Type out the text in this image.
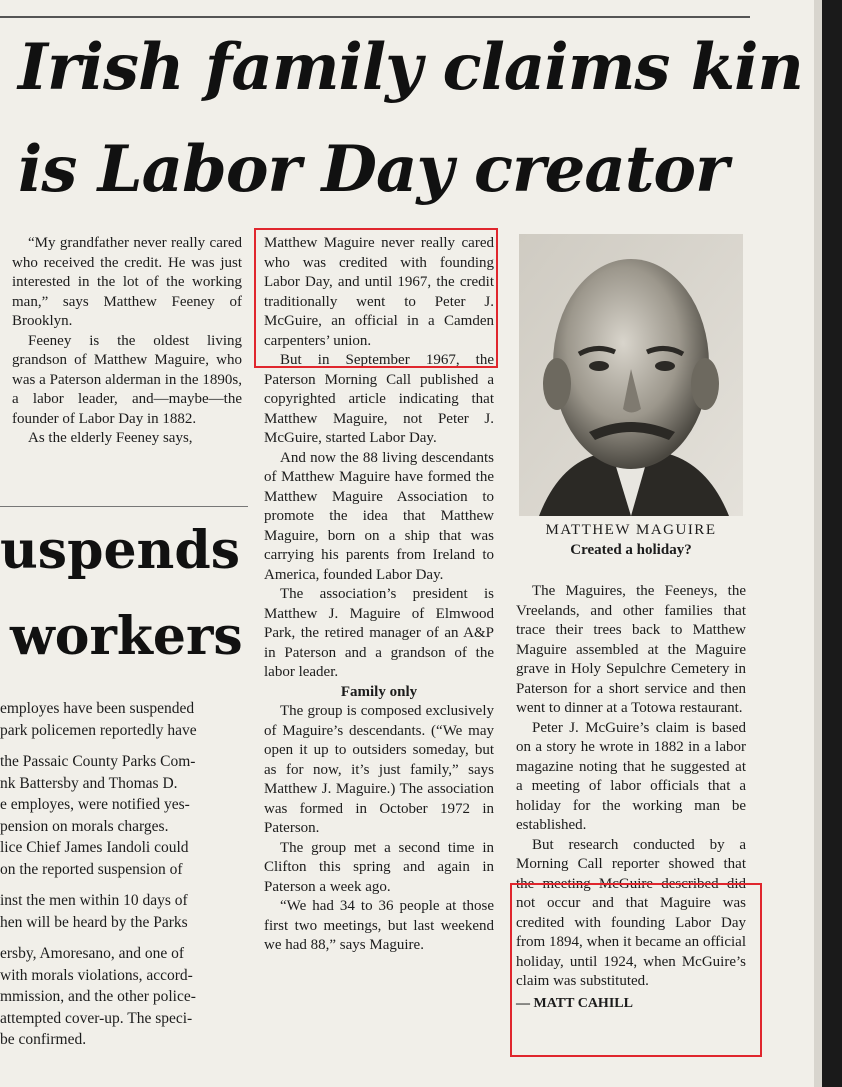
Irish family claims kin
is Labor Day creator

“My grandfather never really cared who received the credit. He was just interested in the lot of the working man,” says Matthew Feeney of Brooklyn.

Feeney is the oldest living grandson of Matthew Maguire, who was a Paterson alderman in the 1890s, a labor leader, and—maybe—the founder of Labor Day in 1882.

As the elderly Feeney says,

uspends
workers
employes have been suspended
park policemen reportedly have

the Passaic County Parks Com-
nk Battersby and Thomas D.
e employes, were notified yes-
pension on morals charges.
lice Chief James Iandoli could
on the reported suspension of

inst the men within 10 days of
hen will be heard by the Parks

ersby, Amoresano, and one of
with morals violations, accord-
mmission, and the other police-
attempted cover-up. The speci-
be confirmed.

Matthew Maguire never really cared who was credited with founding Labor Day, and until 1967, the credit traditionally went to Peter J. McGuire, an official in a Camden carpenters’ union.

But in September 1967, the Paterson Morning Call published a copyrighted article indicating that Matthew Maguire, not Peter J. McGuire, started Labor Day.

And now the 88 living descendants of Matthew Maguire have formed the Matthew Maguire Association to promote the idea that Matthew Maguire, born on a ship that was carrying his parents from Ireland to America, founded Labor Day.

The association’s president is Matthew J. Maguire of Elmwood Park, the retired manager of an A&P in Paterson and a grandson of the labor leader.

Family only

The group is composed exclusively of Maguire’s descendants. (“We may open it up to outsiders someday, but as for now, it’s just family,” says Matthew J. Maguire.) The association was formed in October 1972 in Paterson.

The group met a second time in Clifton this spring and again in Paterson a week ago.

“We had 34 to 36 people at those first two meetings, but last weekend we had 88,” says Maguire.

MATTHEW MAGUIRE
Created a holiday?

The Maguires, the Feeneys, the Vreelands, and other families that trace their trees back to Matthew Maguire assembled at the Maguire grave in Holy Sepulchre Cemetery in Paterson for a short service and then went to dinner at a Totowa restaurant.

Peter J. McGuire’s claim is based on a story he wrote in 1882 in a labor magazine noting that he suggested at a meeting of labor officials that a holiday for the working man be established.

But research conducted by a Morning Call reporter showed that the meeting McGuire described did not occur and that Maguire was credited with founding Labor Day from 1894, when it became an official holiday, until 1924, when McGuire’s claim was substituted.

— MATT CAHILL
